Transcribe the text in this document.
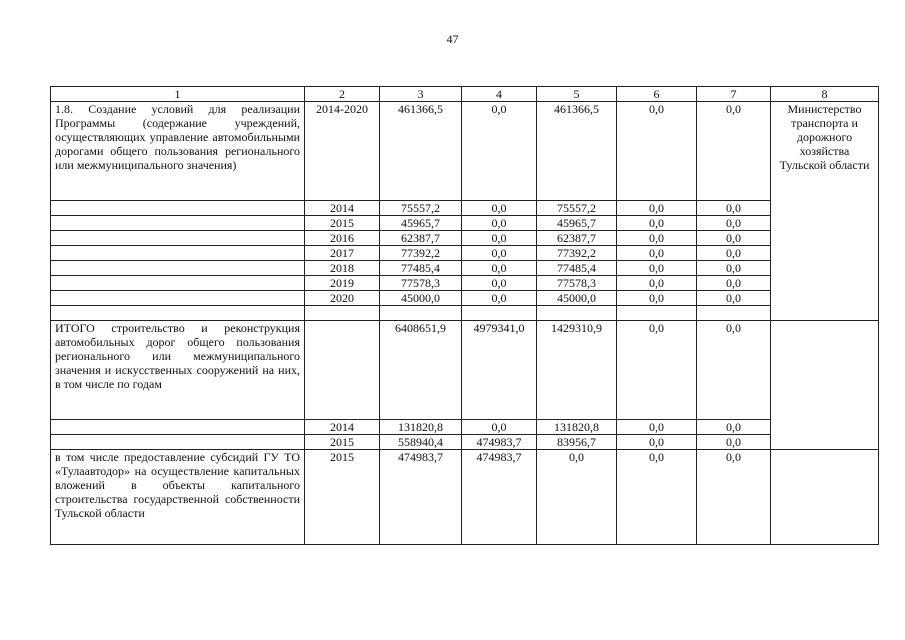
47
1	2	3	4	5	6	7	8
1.8. Создание условий для реализации Программы (содержание учреждений, осуществляющих управление автомобильными дорогами общего пользования регионального или межмуниципального значения)	2014-2020	461366,5	0,0	461366,5	0,0	0,0	Министерство транспорта и дорожного хозяйства Тульской области
	2014	75557,2	0,0	75557,2	0,0	0,0	
	2015	45965,7	0,0	45965,7	0,0	0,0	
	2016	62387,7	0,0	62387,7	0,0	0,0	
	2017	77392,2	0,0	77392,2	0,0	0,0	
	2018	77485,4	0,0	77485,4	0,0	0,0	
	2019	77578,3	0,0	77578,3	0,0	0,0	
	2020	45000,0	0,0	45000,0	0,0	0,0	

ИТОГО строительство и реконструкция автомобильных дорог общего пользования регионального или межмуниципального значения и искусственных сооружений на них, в том числе по годам		6408651,9	4979341,0	1429310,9	0,0	0,0	
	2014	131820,8	0,0	131820,8	0,0	0,0	
	2015	558940,4	474983,7	83956,7	0,0	0,0	
в том числе предоставление субсидий ГУ ТО «Тулаавтодор» на осуществление капитальных вложений в объекты капитального строительства государственной собственности Тульской области	2015	474983,7	474983,7	0,0	0,0	0,0	
